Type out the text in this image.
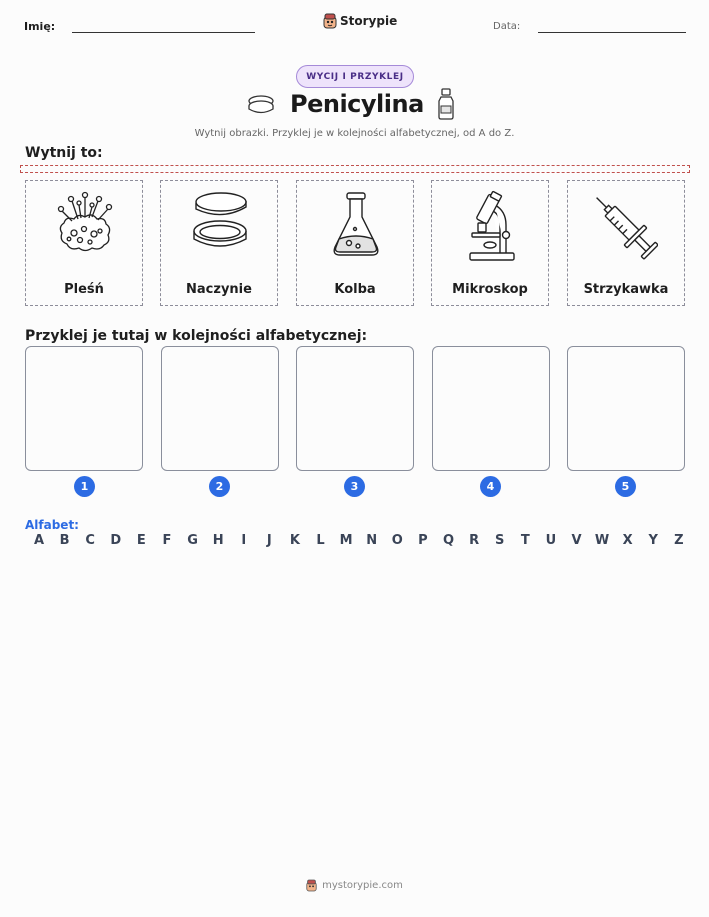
Imię:	Storypie	Data:
WYCIJ I PRZYKLEJ
Penicylina
Wytnij obrazki. Przyklej je w kolejności alfabetycznej, od A do Z.
Wytnij to:
Pleśń	Naczynie	Kolba	Mikroskop	Strzykawka
Przyklej je tutaj w kolejności alfabetycznej:
1	2	3	4	5
Alfabet:
A	B	C	D	E	F	G	H	I	J	K	L	M	N	O	P	Q	R	S	T	U	V	W	X	Y	Z
mystorypie.com
